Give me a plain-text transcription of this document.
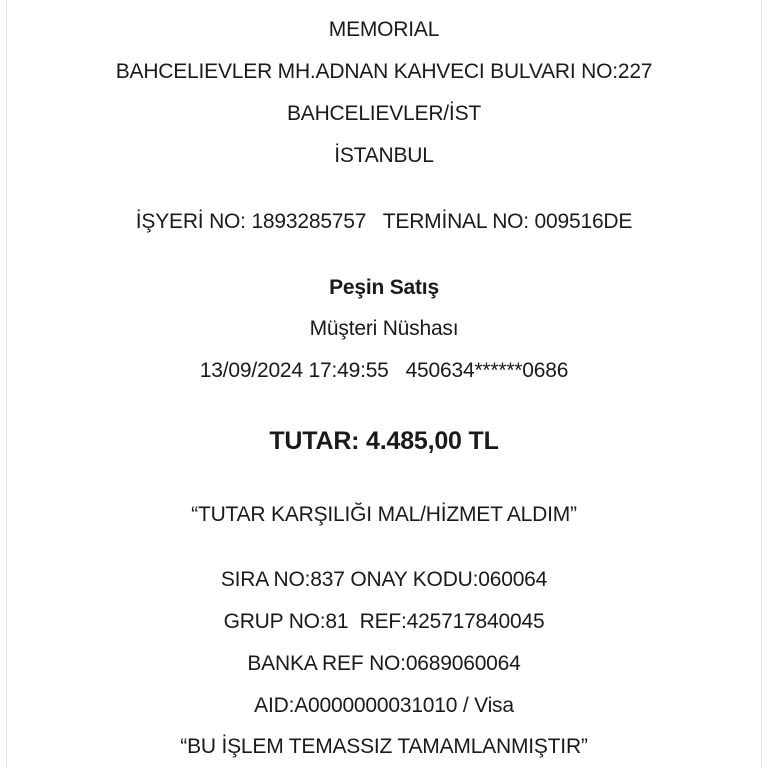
MEMORIAL
BAHCELIEVLER MH.ADNAN KAHVECI BULVARI NO:227
BAHCELIEVLER/İST
İSTANBUL
İŞYERİ NO: 1893285757   TERMİNAL NO: 009516DE
Peşin Satış
Müşteri Nüshası
13/09/2024 17:49:55   450634******0686
TUTAR: 4.485,00 TL
“TUTAR KARŞILIĞI MAL/HİZMET ALDIM”
SIRA NO:837 ONAY KODU:060064
GRUP NO:81  REF:425717840045
BANKA REF NO:0689060064
AID:A0000000031010 / Visa
“BU İŞLEM TEMASSIZ TAMAMLANMIŞTIR”
